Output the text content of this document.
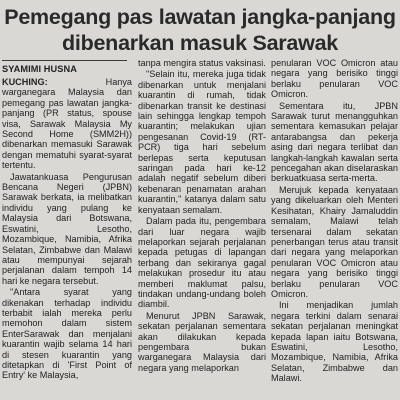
Pemegang pas lawatan jangka-panjang
dibenarkan masuk Sarawak
SYAMIMI HUSNA

KUCHING: Hanya warganegara Malaysia dan pemegang pas lawatan jangka-panjang (PR status, spouse visa, Sarawak Malaysia My Second Home (SMM2H)) dibenarkan memasuki Sarawak dengan mematuhi syarat-syarat tertentu.

Jawatankuasa Pengurusan Bencana Negeri (JPBN) Sarawak berkata, ia melibatkan individu yang pulang ke Malaysia dari Botswana, Eswatini, Lesotho, Mozambique, Namibia, Afrika Selatan, Zimbabwe dan Malawi atau mempunyai sejarah perjalanan dalam tempoh 14 hari ke negara tersebut.

"Antara syarat yang dikenakan terhadap individu terbabit ialah mereka perlu memohon dalam sistem EnterSarawak dan menjalani kuarantin wajib selama 14 hari di stesen kuarantin yang ditetapkan di 'First Point of Entry' ke Malaysia,

tanpa mengira status vaksinasi.

"Selain itu, mereka juga tidak dibenarkan untuk menjalani kuarantin di rumah, tidak dibenarkan transit ke destinasi lain sehingga lengkap tempoh kuarantin; melakukan ujian pengesanan Covid-19 (RT-PCR) tiga hari sebelum berlepas serta keputusan saringan pada hari ke-12 adalah negatif sebelum diberi kebenaran penamatan arahan kuarantin," katanya dalam satu kenyataan semalam.

Dalam pada itu, pengembara dari luar negara wajib melaporkan sejarah perjalanan kepada petugas di lapangan terbang dan sekiranya gagal melakukan prosedur itu atau memberi maklumat palsu, tindakan undang-undang boleh diambil.

Menurut JPBN Sarawak, sekatan perjalanan sementara akan dilakukan kepada pengembara bukan warganegara Malaysia dari negara yang melaporkan

penularan VOC Omicron atau negara yang berisiko tinggi berlaku penularan VOC Omicron.

Sementara itu, JPBN Sarawak turut menangguhkan sementara kemasukan pelajar antarabangsa dan pekerja asing dari negara terlibat dan langkah-langkah kawalan serta pencegahan akan diselaraskan berkuatkuasa serta-merta.

Merujuk kepada kenyataan yang dikeluarkan oleh Menteri Kesihatan, Khairy Jamaluddin semalam, Malawi telah tersenarai dalam sekatan penerbangan terus atau transit dari negara yang melaporkan penularan VOC Omicron atau negara yang berisiko tinggi berlaku penularan VOC Omicron.

Ini menjadikan jumlah negara terkini dalam senarai sekatan perjalanan meningkat kepada lapan iaitu Botswana, Eswatini, Lesotho, Mozambique, Namibia, Afrika Selatan, Zimbabwe dan Malawi.
